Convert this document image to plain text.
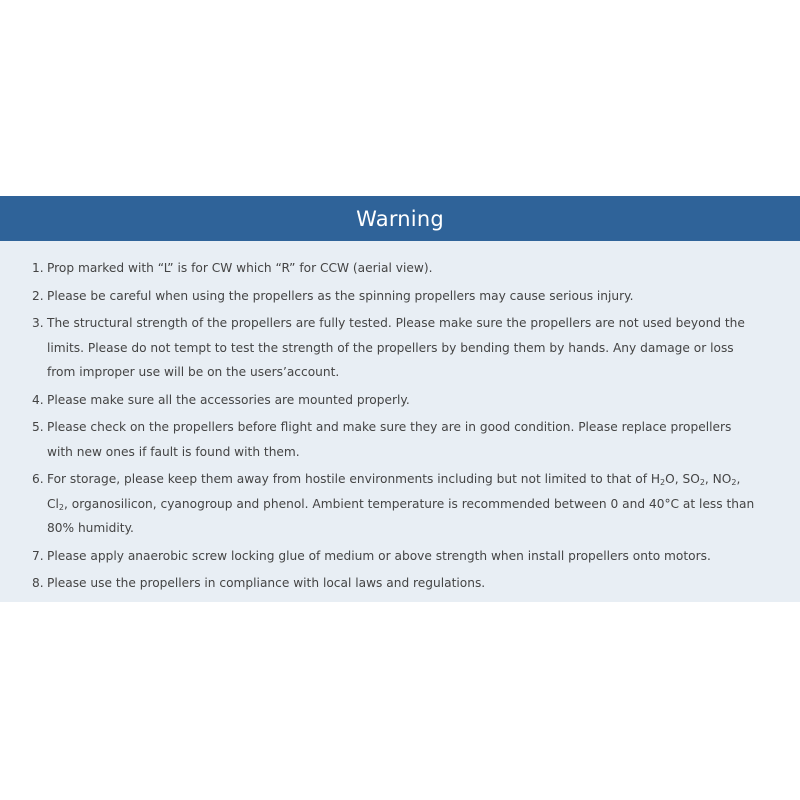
Warning
1. Prop marked with “L” is for CW which “R” for CCW (aerial view).
2. Please be careful when using the propellers as the spinning propellers may cause serious injury.
3. The structural strength of the propellers are fully tested. Please make sure the propellers are not used beyond the limits. Please do not tempt to test the strength of the propellers by bending them by hands. Any damage or loss from improper use will be on the users’account.
4. Please make sure all the accessories are mounted properly.
5. Please check on the propellers before flight and make sure they are in good condition. Please replace propellers with new ones if fault is found with them.
6. For storage, please keep them away from hostile environments including but not limited to that of $H_2O$, $SO_2$, $NO_2$, $Cl_2$, organosilicon, cyanogroup and phenol. Ambient temperature is recommended between 0 and 40°C at less than 80% humidity.
7. Please apply anaerobic screw locking glue of medium or above strength when install propellers onto motors.
8. Please use the propellers in compliance with local laws and regulations.
